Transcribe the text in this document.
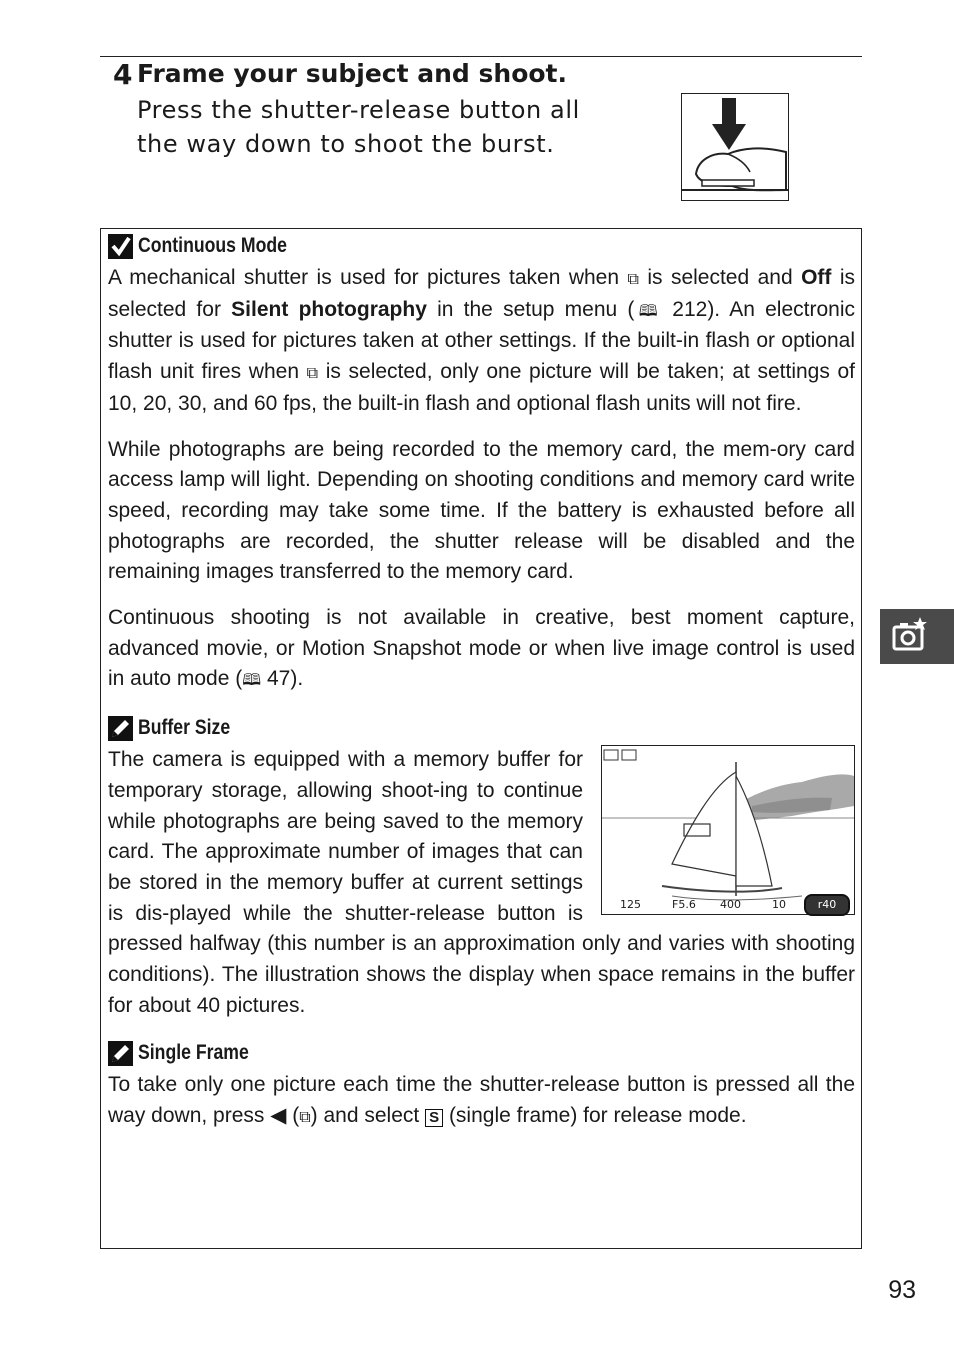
4 Frame your subject and shoot.

Press the shutter-release button all the way down to shoot the burst.

Continuous Mode

A mechanical shutter is used for pictures taken when ⧉ is selected and Off is selected for Silent photography in the setup menu (🕮 212). An electronic shutter is used for pictures taken at other settings. If the built-in flash or optional flash unit fires when ⧉ is selected, only one picture will be taken; at settings of 10, 20, 30, and 60 fps, the built-in flash and optional flash units will not fire.

While photographs are being recorded to the memory card, the mem-ory card access lamp will light. Depending on shooting conditions and memory card write speed, recording may take some time. If the battery is exhausted before all photographs are recorded, the shutter release will be disabled and the remaining images transferred to the memory card.

Continuous shooting is not available in creative, best moment capture, advanced movie, or Motion Snapshot mode or when live image control is used in auto mode (🕮 47).

Buffer Size
125	F5.6 400	10	r40

The camera is equipped with a memory buffer for temporary storage, allowing shoot-ing to continue while photographs are being saved to the memory card. The approximate number of images that can be stored in the memory buffer at current settings is dis-played while the shutter-release button is pressed halfway (this number is an approximation only and varies with shooting conditions). The illustration shows the display when space remains in the buffer for about 40 pictures.

Single Frame

To take only one picture each time the shutter-release button is pressed all the way down, press ◀ (⧉) and select S (single frame) for release mode.

93
